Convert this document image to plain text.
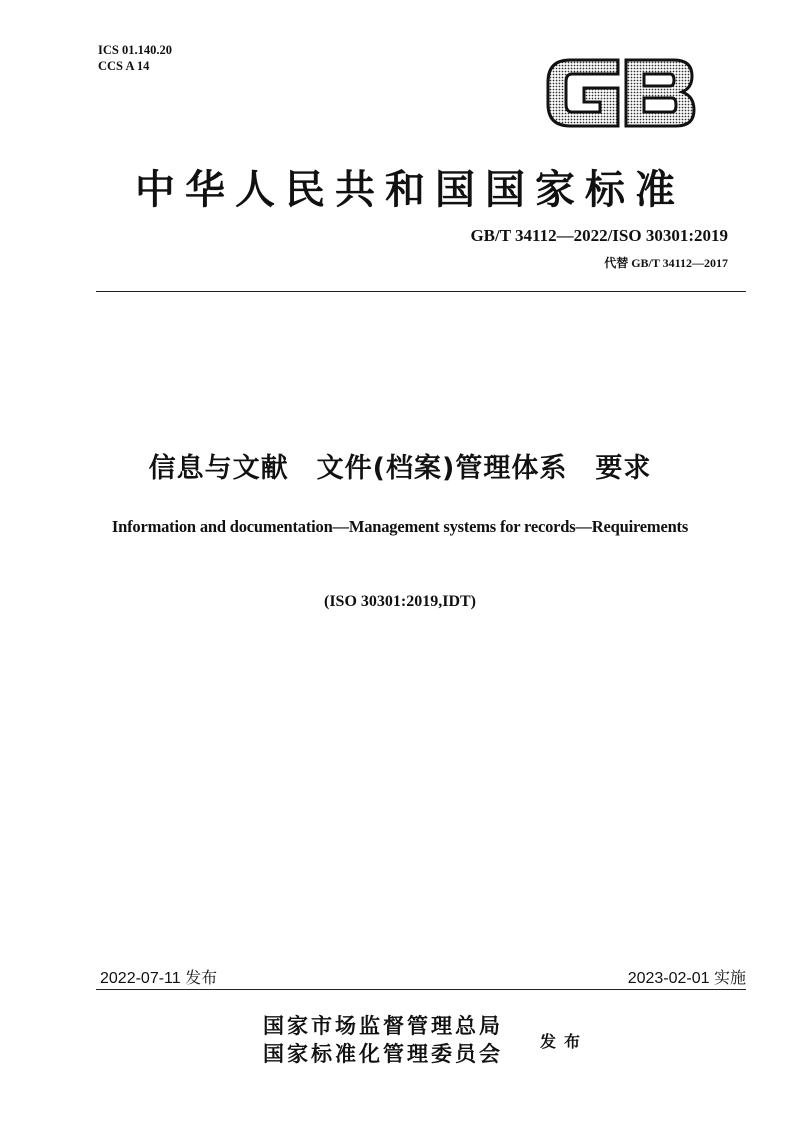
ICS 01.140.20
CCS A 14
中华人民共和国国家标准
GB/T 34112—2022/ISO 30301:2019
代替 GB/T 34112—2017
信息与文献　文件(档案)管理体系　要求
Information and documentation—Management systems for records—Requirements
(ISO 30301:2019,IDT)
2022-07-11 发布	2023-02-01 实施
国家市场监督管理总局
国家标准化管理委员会 发布
